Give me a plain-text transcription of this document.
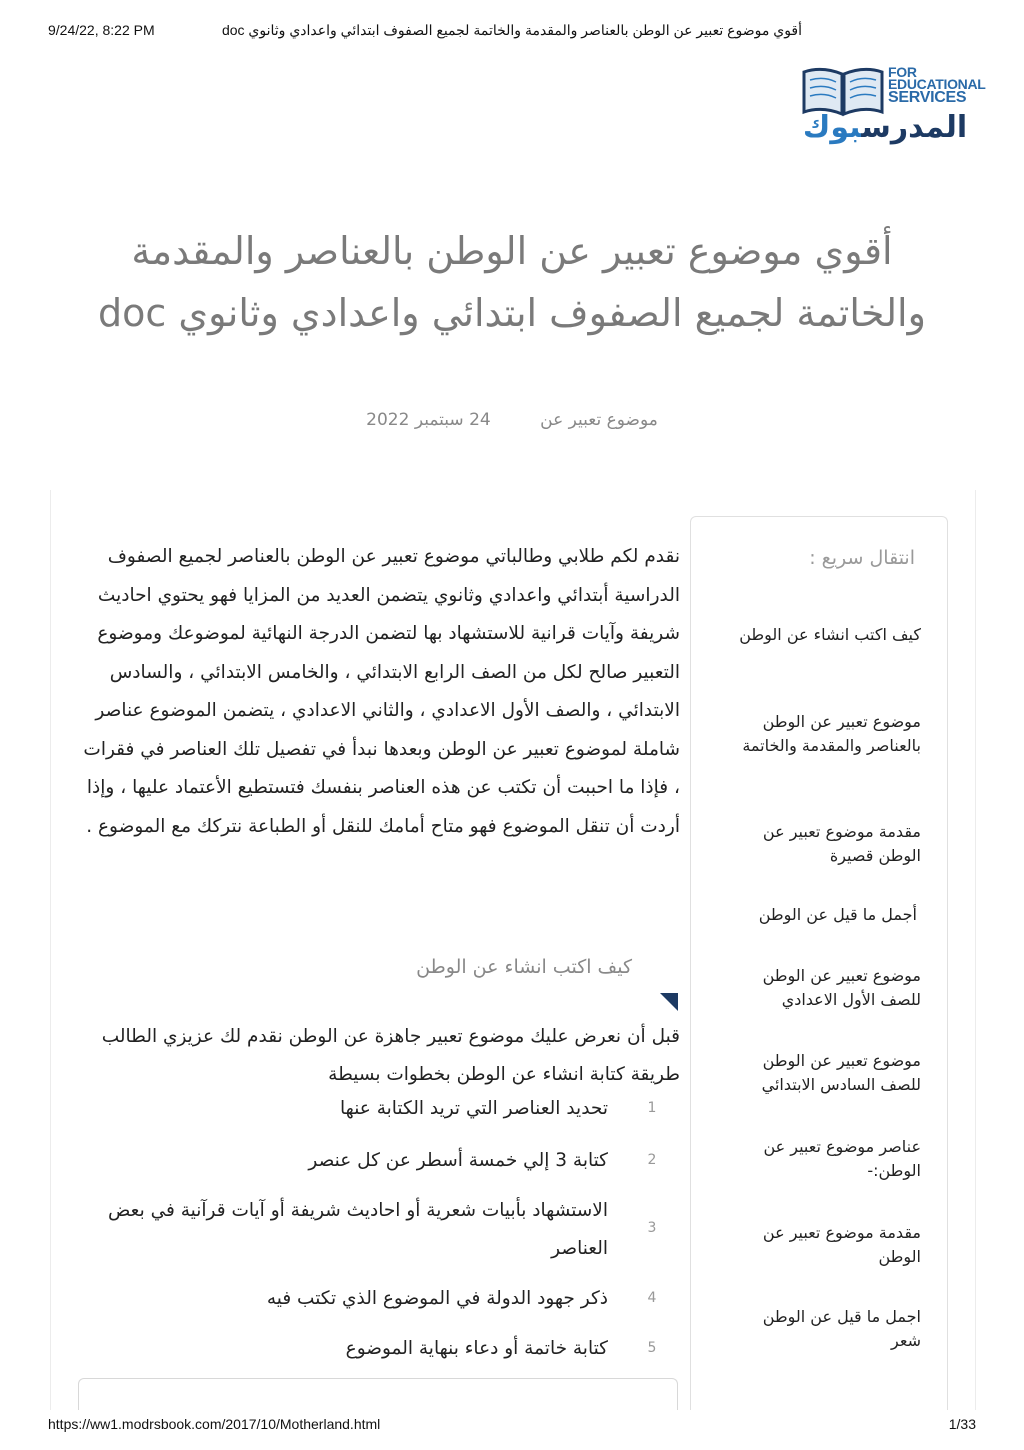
9/24/22, 8:22 PM	أقوي موضوع تعبير عن الوطن بالعناصر والمقدمة والخاتمة لجميع الصفوف ابتدائي واعدادي وثانوي doc
FOR
EDUCATIONAL
SERVICES
المدرسبوك
أقوي موضوع تعبير عن الوطن بالعناصر والمقدمة والخاتمة لجميع الصفوف ابتدائي واعدادي وثانوي doc
موضوع تعبير عن 24 سبتمبر 2022
انتقال سريع :
كيف اكتب انشاء عن الوطن
موضوع تعبير عن الوطن بالعناصر والمقدمة والخاتمة
مقدمة موضوع تعبير عن الوطن قصيرة
أجمل ما قيل عن الوطن
موضوع تعبير عن الوطن للصف الأول الاعدادي
موضوع تعبير عن الوطن للصف السادس الابتدائي
عناصر موضوع تعبير عن الوطن:-
مقدمة موضوع تعبير عن الوطن
اجمل ما قيل عن الوطن شعر

نقدم لكم طلابي وطالباتي موضوع تعبير عن الوطن بالعناصر لجميع الصفوف الدراسية أبتدائي واعدادي وثانوي يتضمن العديد من المزايا فهو يحتوي احاديث شريفة وآيات قرانية للاستشهاد بها لتضمن الدرجة النهائية لموضوعك وموضوع التعبير صالح لكل من الصف الرابع الابتدائي ، والخامس الابتدائي ، والسادس الابتدائي ، والصف الأول الاعدادي ، والثاني الاعدادي ، يتضمن الموضوع عناصر شاملة لموضوع تعبير عن الوطن وبعدها نبدأ في تفصيل تلك العناصر في فقرات ، فإذا ما احببت أن تكتب عن هذه العناصر بنفسك فتستطيع الأعتماد عليها ، وإذا أردت أن تنقل الموضوع فهو متاح أمامك للنقل أو الطباعة نتركك مع الموضوع .

كيف اكتب انشاء عن الوطن

قبل أن نعرض عليك موضوع تعبير جاهزة عن الوطن نقدم لك عزيزي الطالب طريقة كتابة انشاء عن الوطن بخطوات بسيطة

1
تحديد العناصر التي تريد الكتابة عنها
2
كتابة 3 إلي خمسة أسطر عن كل عنصر
3
الاستشهاد بأبيات شعرية أو احاديث شريفة أو آيات قرآنية في بعض العناصر
4
ذكر جهود الدولة في الموضوع الذي تكتب فيه
5
كتابة خاتمة أو دعاء بنهاية الموضوع
https://ww1.modrsbook.com/2017/10/Motherland.html	1/33
